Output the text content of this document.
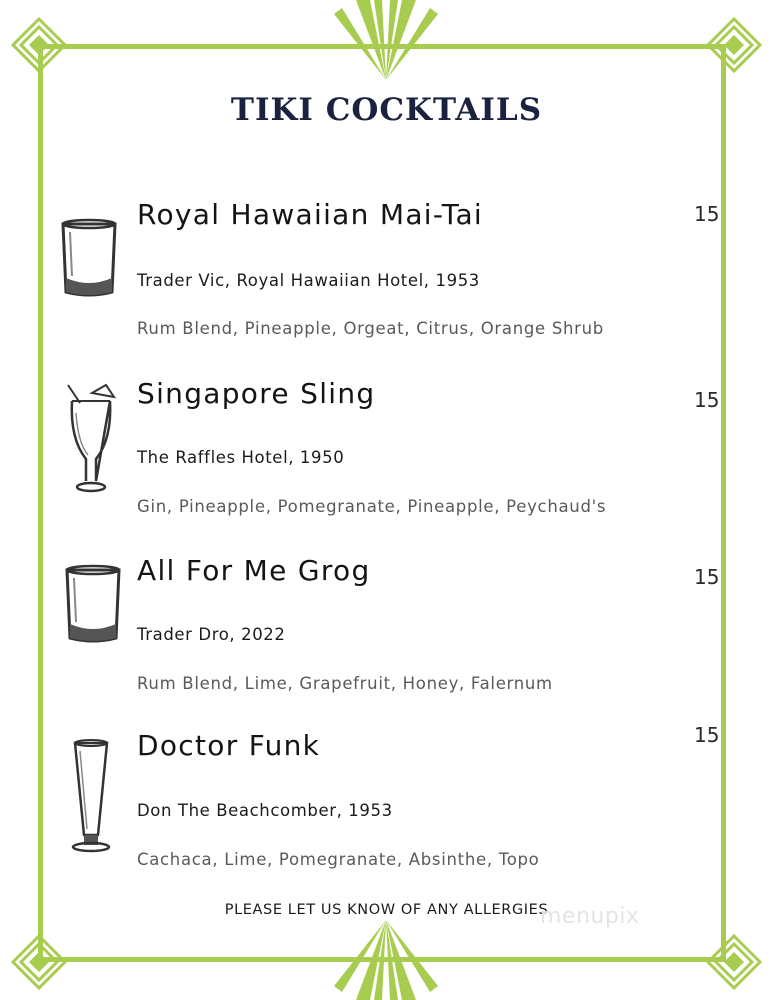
TIKI COCKTAILS
Royal Hawaiian Mai-Tai	15
Trader Vic, Royal Hawaiian Hotel, 1953
Rum Blend, Pineapple, Orgeat, Citrus, Orange Shrub
Singapore Sling	15
The Raffles Hotel, 1950
Gin, Pineapple, Pomegranate, Pineapple, Peychaud's
All For Me Grog	15
Trader Dro, 2022
Rum Blend, Lime, Grapefruit, Honey, Falernum
Doctor Funk	15
Don The Beachcomber, 1953
Cachaca, Lime, Pomegranate, Absinthe, Topo
PLEASE LET US KNOW OF ANY ALLERGIES
menupix
